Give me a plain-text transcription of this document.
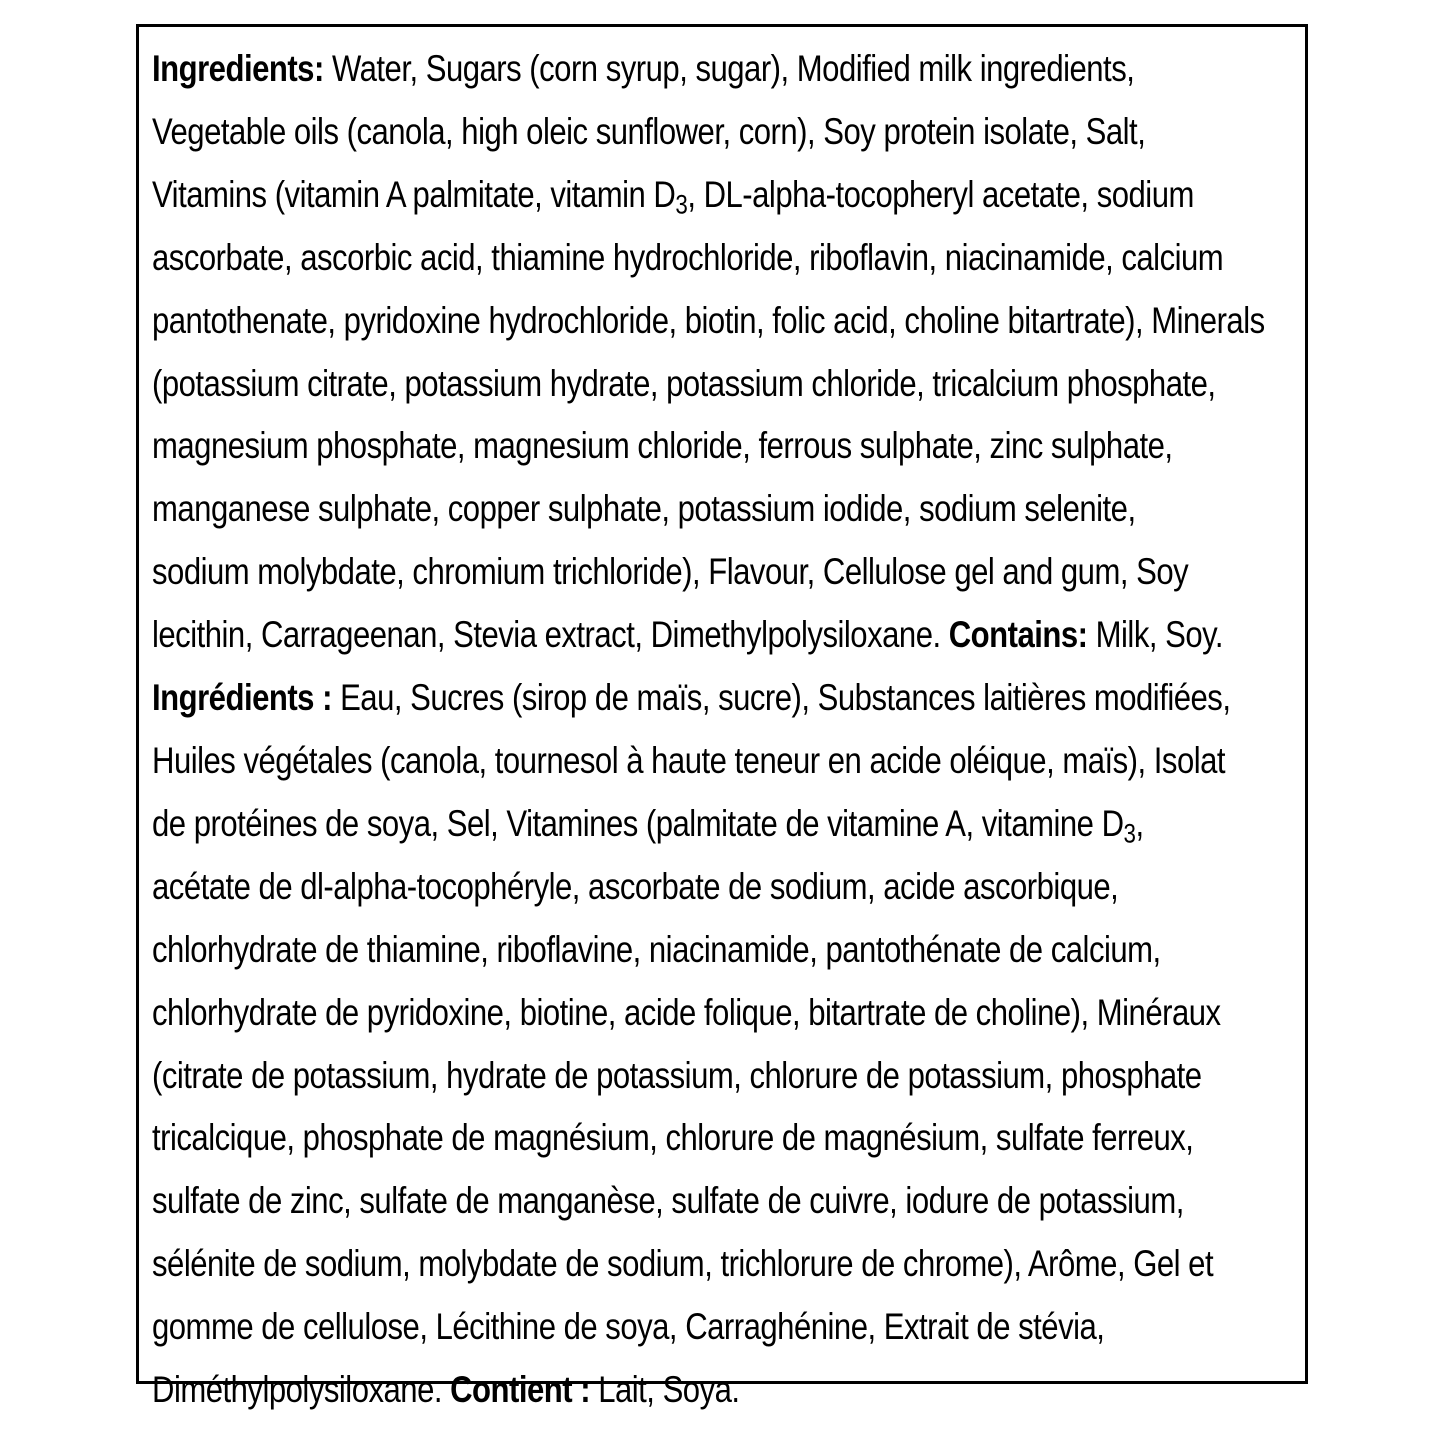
Ingredients: Water, Sugars (corn syrup, sugar), Modified milk ingredients,
Vegetable oils (canola, high oleic sunflower, corn), Soy protein isolate, Salt,
Vitamins (vitamin A palmitate, vitamin $D_3$, DL-alpha-tocopheryl acetate, sodium
ascorbate, ascorbic acid, thiamine hydrochloride, riboflavin, niacinamide, calcium
pantothenate, pyridoxine hydrochloride, biotin, folic acid, choline bitartrate), Minerals
(potassium citrate, potassium hydrate, potassium chloride, tricalcium phosphate,
magnesium phosphate, magnesium chloride, ferrous sulphate, zinc sulphate,
manganese sulphate, copper sulphate, potassium iodide, sodium selenite,
sodium molybdate, chromium trichloride), Flavour, Cellulose gel and gum, Soy
lecithin, Carrageenan, Stevia extract, Dimethylpolysiloxane. Contains: Milk, Soy.
Ingrédients : Eau, Sucres (sirop de maïs, sucre), Substances laitières modifiées,
Huiles végétales (canola, tournesol à haute teneur en acide oléique, maïs), Isolat
de protéines de soya, Sel, Vitamines (palmitate de vitamine A, vitamine $D_3$,
acétate de dl-alpha-tocophéryle, ascorbate de sodium, acide ascorbique,
chlorhydrate de thiamine, riboflavine, niacinamide, pantothénate de calcium,
chlorhydrate de pyridoxine, biotine, acide folique, bitartrate de choline), Minéraux
(citrate de potassium, hydrate de potassium, chlorure de potassium, phosphate
tricalcique, phosphate de magnésium, chlorure de magnésium, sulfate ferreux,
sulfate de zinc, sulfate de manganèse, sulfate de cuivre, iodure de potassium,
sélénite de sodium, molybdate de sodium, trichlorure de chrome), Arôme, Gel et
gomme de cellulose, Lécithine de soya, Carraghénine, Extrait de stévia,
Diméthylpolysiloxane. Contient : Lait, Soya.
